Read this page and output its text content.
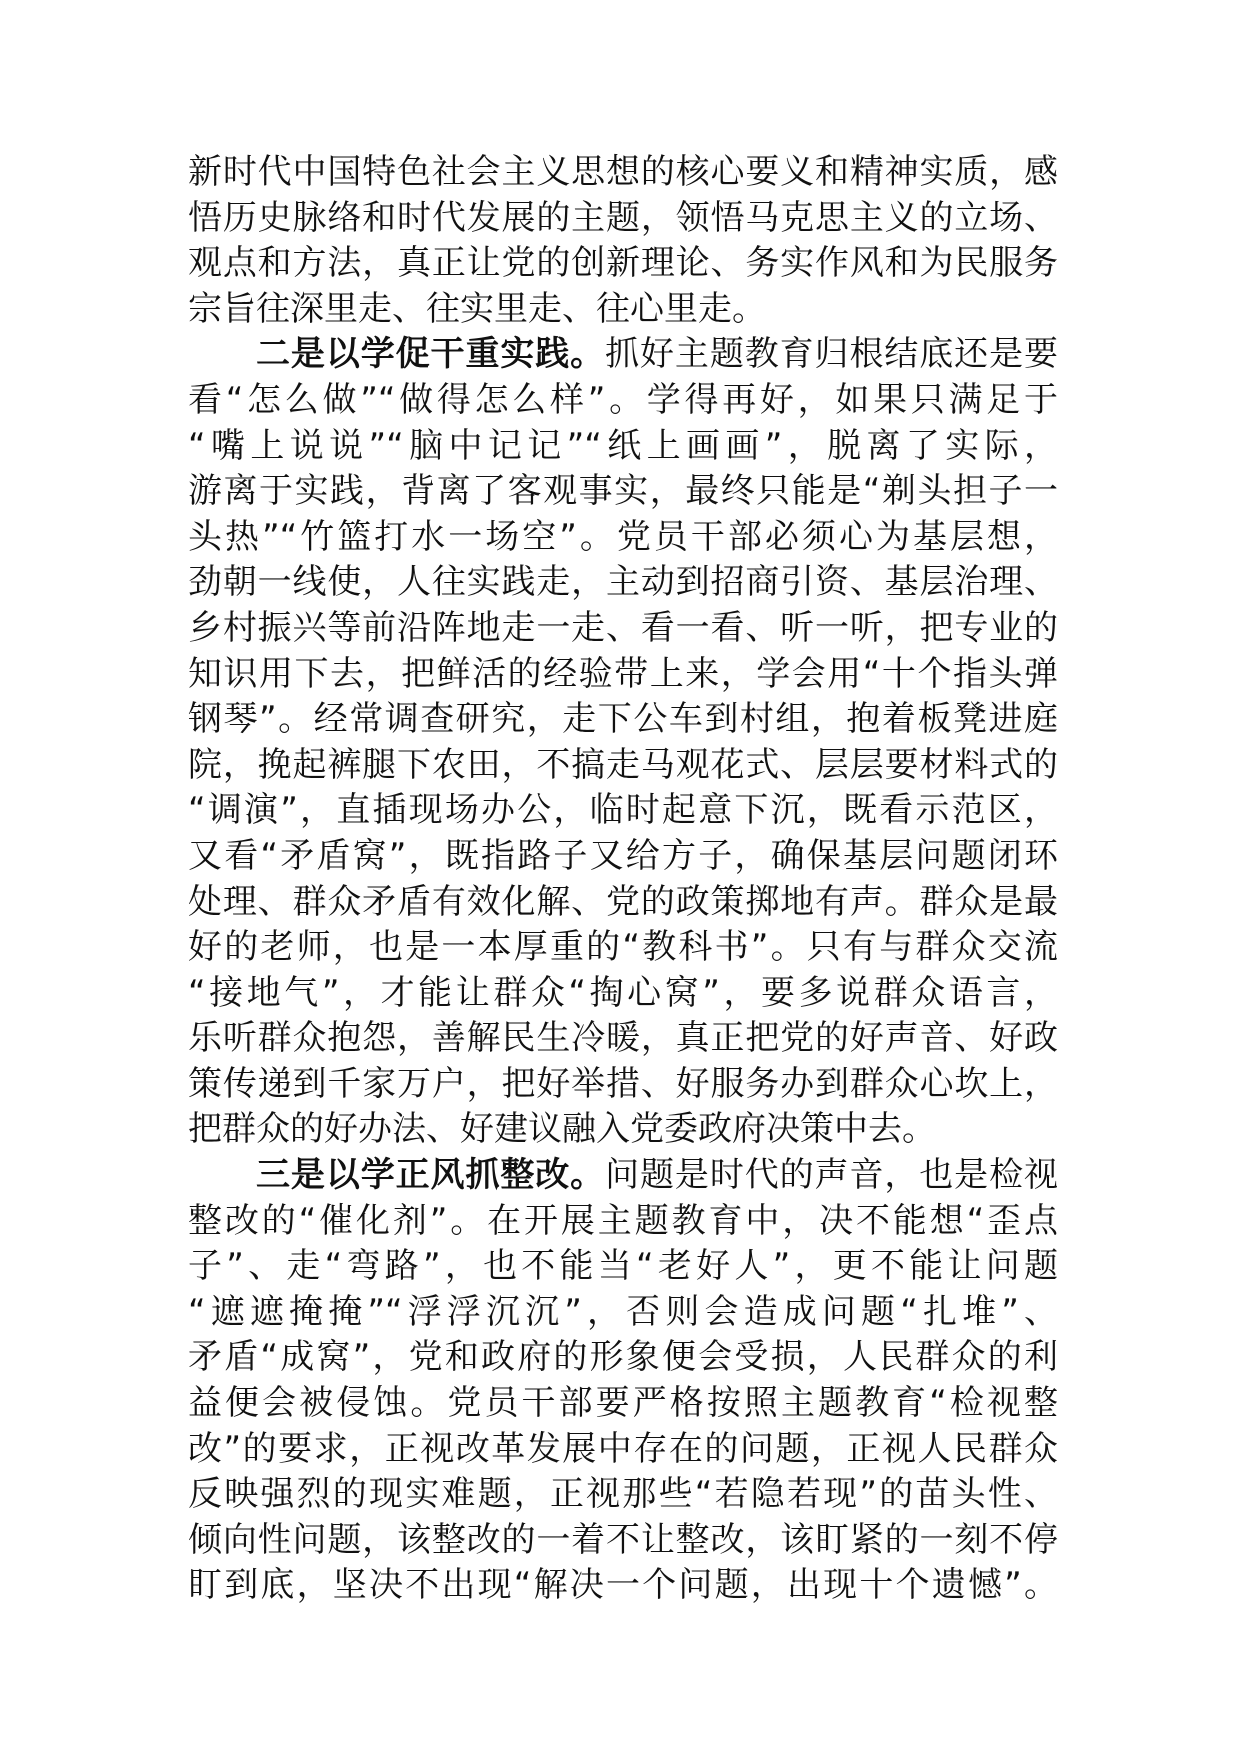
新时代中国特色社会主义思想的核心要义和精神实质，感
悟历史脉络和时代发展的主题，领悟马克思主义的立场、
观点和方法，真正让党的创新理论、务实作风和为民服务
宗旨往深里走、往实里走、往心里走。
二是以学促干重实践。抓好主题教育归根结底还是要
看“怎么做”“做得怎么样”。学得再好，如果只满足于
“嘴上说说”“脑中记记”“纸上画画”，脱离了实际，
游离于实践，背离了客观事实，最终只能是“剃头担子一
头热”“竹篮打水一场空”。党员干部必须心为基层想，
劲朝一线使，人往实践走，主动到招商引资、基层治理、
乡村振兴等前沿阵地走一走、看一看、听一听，把专业的
知识用下去，把鲜活的经验带上来，学会用“十个指头弹
钢琴”。经常调查研究，走下公车到村组，抱着板凳进庭
院，挽起裤腿下农田，不搞走马观花式、层层要材料式的
“调演”，直插现场办公，临时起意下沉，既看示范区，
又看“矛盾窝”，既指路子又给方子，确保基层问题闭环
处理、群众矛盾有效化解、党的政策掷地有声。群众是最
好的老师，也是一本厚重的“教科书”。只有与群众交流
“接地气”，才能让群众“掏心窝”，要多说群众语言，
乐听群众抱怨，善解民生冷暖，真正把党的好声音、好政
策传递到千家万户，把好举措、好服务办到群众心坎上，
把群众的好办法、好建议融入党委政府决策中去。
三是以学正风抓整改。问题是时代的声音，也是检视
整改的“催化剂”。在开展主题教育中，决不能想“歪点
子”、走“弯路”，也不能当“老好人”，更不能让问题
“遮遮掩掩”“浮浮沉沉”，否则会造成问题“扎堆”、
矛盾“成窝”，党和政府的形象便会受损，人民群众的利
益便会被侵蚀。党员干部要严格按照主题教育“检视整
改”的要求，正视改革发展中存在的问题，正视人民群众
反映强烈的现实难题，正视那些“若隐若现”的苗头性、
倾向性问题，该整改的一着不让整改，该盯紧的一刻不停
盯到底，坚决不出现“解决一个问题，出现十个遗憾”。
